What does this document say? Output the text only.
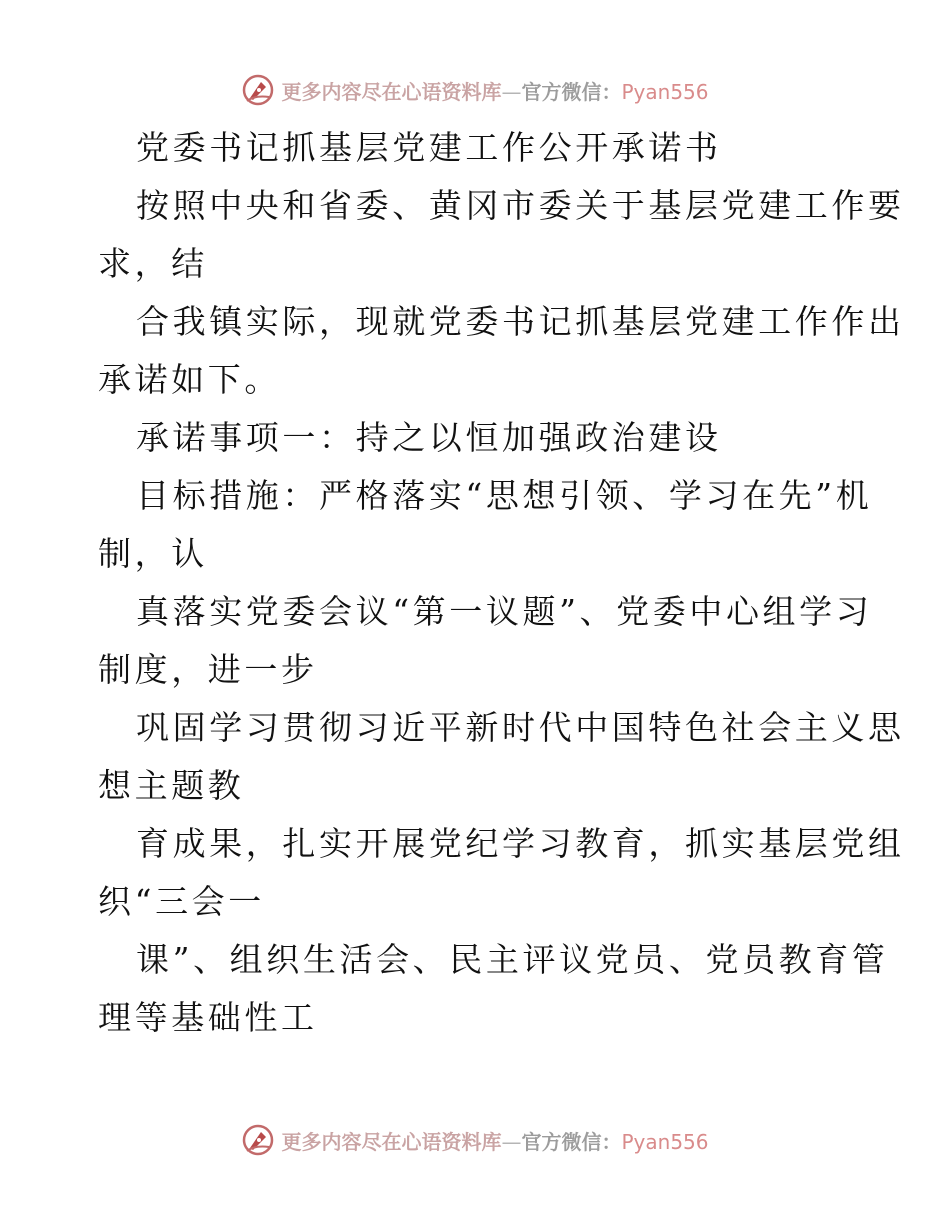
更多内容尽在心语资料库—官方微信：Pyan556
党委书记抓基层党建工作公开承诺书
按照中央和省委、黄冈市委关于基层党建工作要
求，结
合我镇实际，现就党委书记抓基层党建工作作出
承诺如下。
承诺事项一：持之以恒加强政治建设
目标措施：严格落实“思想引领、学习在先”机
制，认
真落实党委会议“第一议题”、党委中心组学习
制度，进一步
巩固学习贯彻习近平新时代中国特色社会主义思
想主题教
育成果，扎实开展党纪学习教育，抓实基层党组
织“三会一
课”、组织生活会、民主评议党员、党员教育管
理等基础性工
更多内容尽在心语资料库—官方微信：Pyan556
